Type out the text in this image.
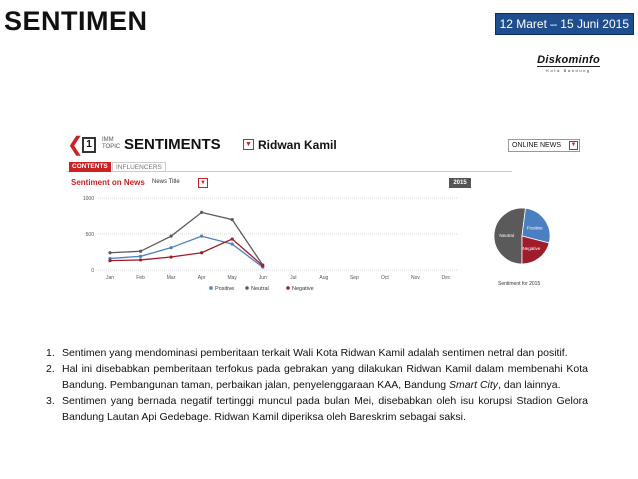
SENTIMEN	12 Maret – 15 Juni 2015
Diskominfo
Kota Bandung
❮ 1	IMM
TOPIC SENTIMENTS	▼ Ridwan Kamil	ONLINE NEWS ▼
CONTENTS	INFLUENCERS
Sentiment on News News Title	▼	2015
0
500
1000
Jan	Feb	Mar	Apr	May	Jun	Jul	Aug	Sep	Oct	Nov	Dec
Positive	Neutral	Negative
Neutral
Positive
Negative
Sentiment for 2015
1. Sentimen yang mendominasi pemberitaan terkait Wali Kota Ridwan Kamil adalah sentimen netral dan positif.
2. Hal ini disebabkan pemberitaan terfokus pada gebrakan yang dilakukan Ridwan Kamil dalam membenahi Kota Bandung. Pembangunan taman, perbaikan jalan, penyelenggaraan KAA, Bandung Smart City, dan lainnya.
3. Sentimen yang bernada negatif tertinggi muncul pada bulan Mei, disebabkan oleh isu korupsi Stadion Gelora Bandung Lautan Api Gedebage. Ridwan Kamil diperiksa oleh Bareskrim sebagai saksi.
